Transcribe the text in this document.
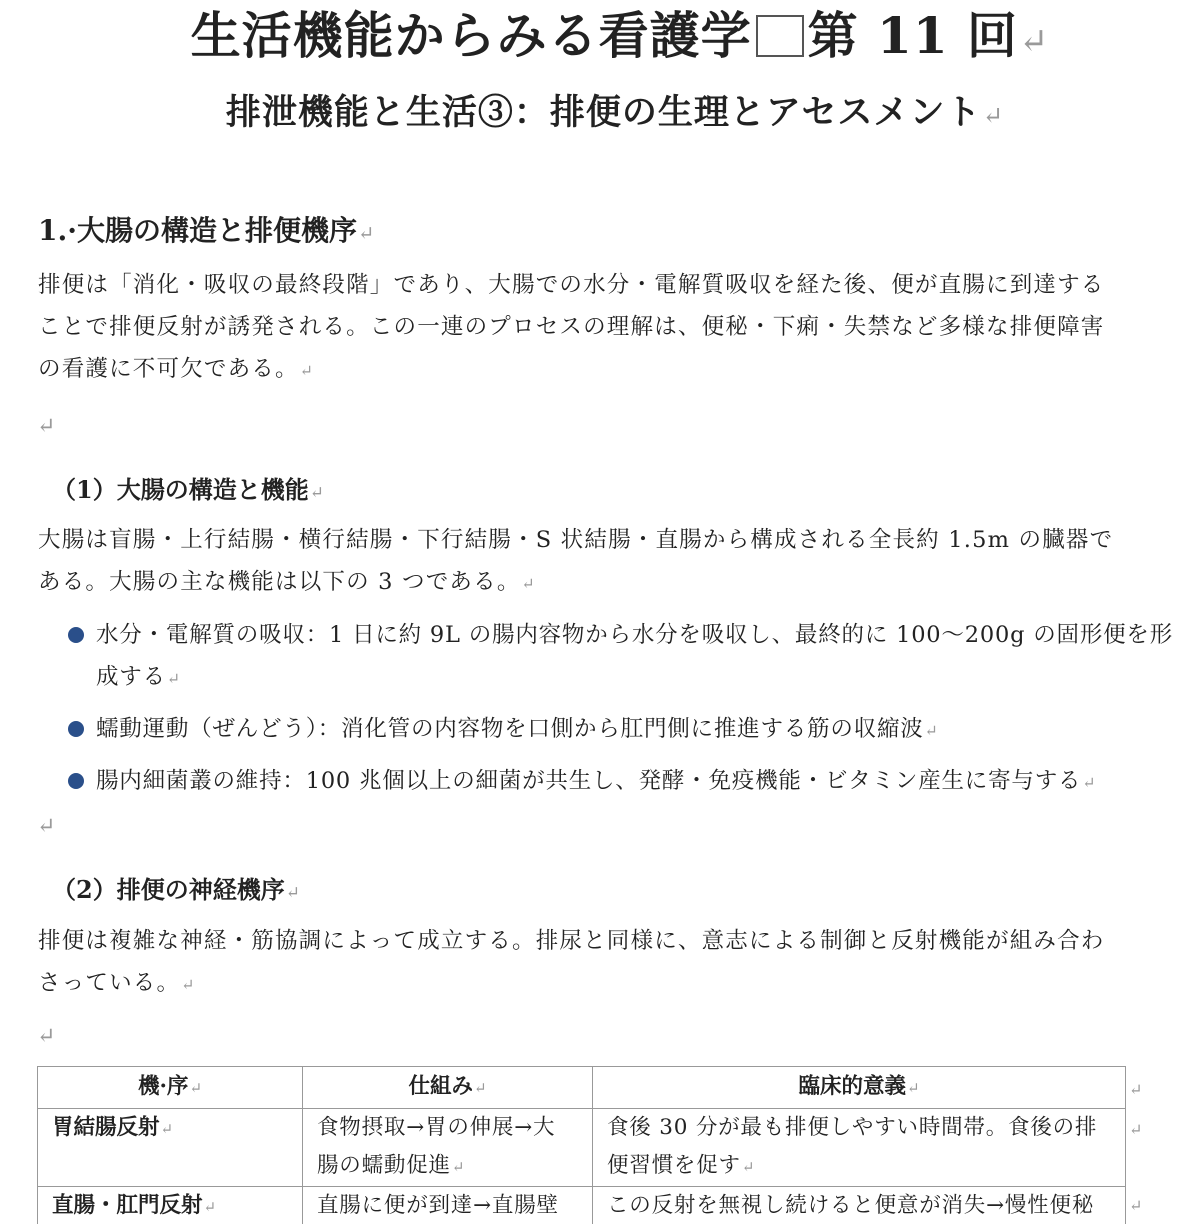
生活機能からみる看護学 第 11 回 ↵
排泄機能と生活③：排便の生理とアセスメント ↵
1.·大腸の構造と排便機序 ↵
排便は「消化・吸収の最終段階」であり、大腸での水分・電解質吸収を経た後、便が直腸に到達する
ことで排便反射が誘発される。この一連のプロセスの理解は、便秘・下痢・失禁など多様な排便障害
の看護に不可欠である。 ↵
↵
（1）大腸の構造と機能 ↵
大腸は盲腸・上行結腸・横行結腸・下行結腸・S 状結腸・直腸から構成される全長約 1.5m の臓器で
ある。大腸の主な機能は以下の 3 つである。 ↵
水分・電解質の吸収：1 日に約 9L の腸内容物から水分を吸収し、最終的に 100～200g の固形便を形
成する ↵
蠕動運動（ぜんどう）：消化管の内容物を口側から肛門側に推進する筋の収縮波 ↵
腸内細菌叢の維持：100 兆個以上の細菌が共生し、発酵・免疫機能・ビタミン産生に寄与する ↵
↵
（2）排便の神経機序 ↵
排便は複雑な神経・筋協調によって成立する。排尿と同様に、意志による制御と反射機能が組み合わ
さっている。 ↵
↵
機·序 ↵	仕組み ↵	臨床的意義 ↵
胃結腸反射 ↵	食物摂取→胃の伸展→大
腸の蠕動促進 ↵	食後 30 分が最も排便しやすい時間帯。食後の排
便習慣を促す ↵
直腸・肛門反射 ↵	直腸に便が到達→直腸壁	この反射を無視し続けると便意が消失→慢性便秘
↵
↵
↵
